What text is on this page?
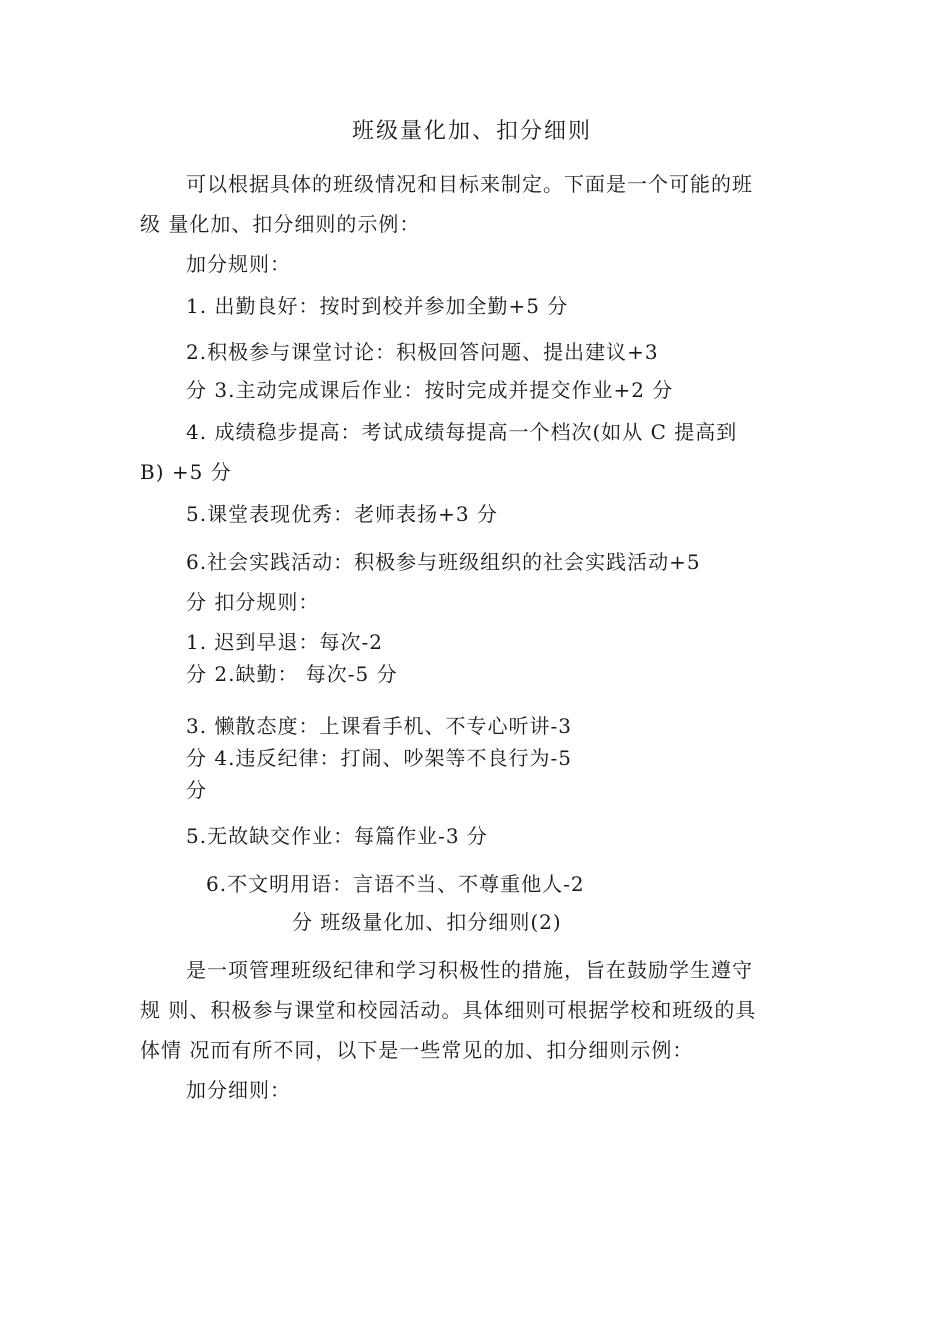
班级量化加、扣分细则
可以根据具体的班级情况和目标来制定。下面是一个可能的班
级 量化加、扣分细则的示例：
加分规则：
1. 出勤良好：按时到校并参加全勤+5 分
2.积极参与课堂讨论：积极回答问题、提出建议+3
分 3.主动完成课后作业：按时完成并提交作业+2 分
4. 成绩稳步提高：考试成绩每提高一个档次(如从 C 提高到
B) +5 分
5.课堂表现优秀：老师表扬+3 分
6.社会实践活动：积极参与班级组织的社会实践活动+5
分 扣分规则：
1. 迟到早退：每次-2
分 2.缺勤： 每次-5 分
3. 懒散态度：上课看手机、不专心听讲-3
分 4.违反纪律：打闹、吵架等不良行为-5
分
5.无故缺交作业：每篇作业-3 分
6.不文明用语：言语不当、不尊重他人-2
分 班级量化加、扣分细则(2)
是一项管理班级纪律和学习积极性的措施，旨在鼓励学生遵守
规 则、积极参与课堂和校园活动。具体细则可根据学校和班级的具
体情 况而有所不同，以下是一些常见的加、扣分细则示例：
加分细则：
